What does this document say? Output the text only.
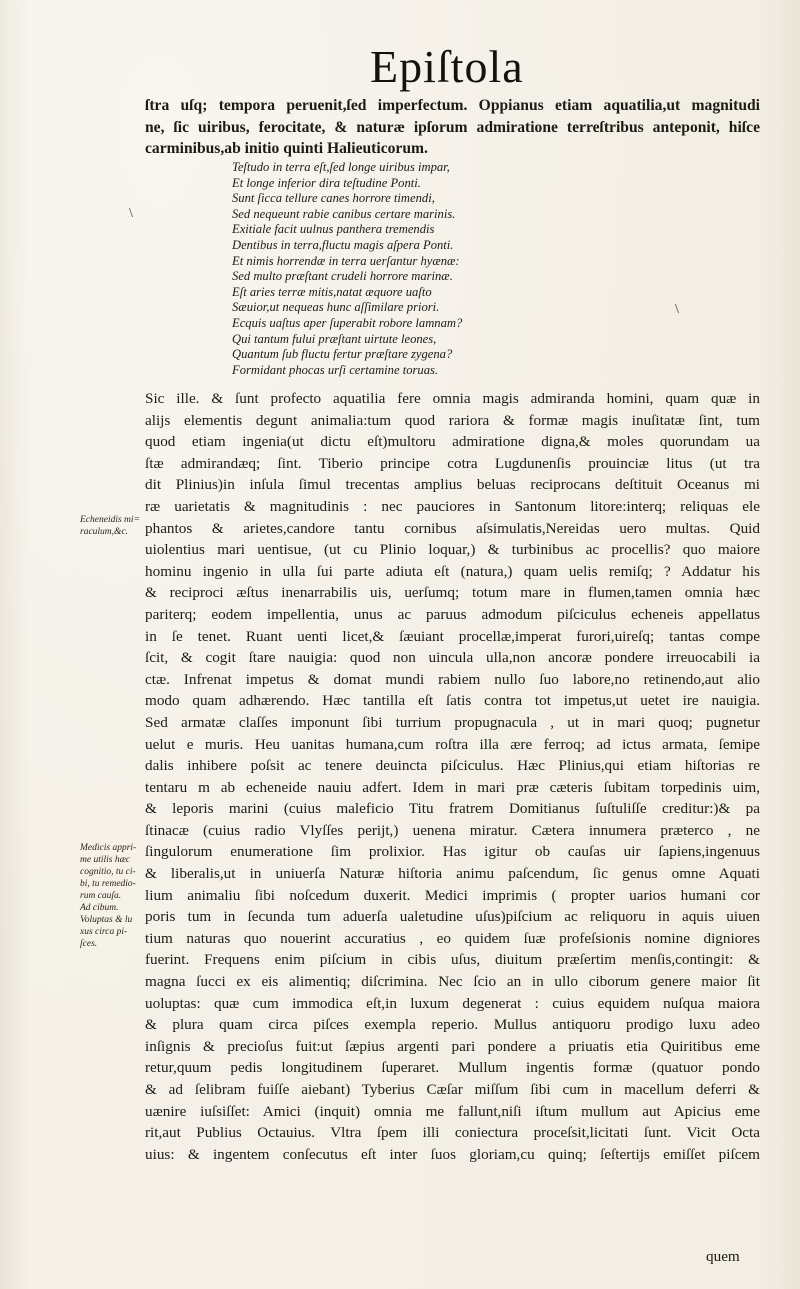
Epiſtola
ſtra uſq; tempora peruenit,ſed imperfectum. Oppianus etiam aquatilia,ut magnitudi
ne, ſic uiribus, ferocitate, & naturæ ipſorum admiratione terreſtribus anteponit, hiſce
carminibus,ab initio quinti Halieuticorum.
Teſtudo in terra eſt,ſed longe uiribus impar,
Et longe inferior dira teſtudine Ponti.
Sunt ſicca tellure canes horrore timendi,
Sed nequeunt rabie canibus certare marinis.
Exitiale facit uulnus panthera tremendis
Dentibus in terra,fluctu magis aſpera Ponti.
Et nimis horrendæ in terra uerſantur hyænæ:
Sed multo præſtant crudeli horrore marinæ.
Eſt aries terræ mitis,natat æquore uaſto
Sæuior,ut nequeas hunc aſſimilare priori.
Ecquis uaſtus aper ſuperabit robore lamnam?
Qui tantum fului præſtant uirtute leones,
Quantum ſub fluctu fertur præſtare zygena?
Formidant phocas urſi certamine toruas.
\
\
Sic ille. & ſunt profecto aquatilia fere omnia magis admiranda homini, quam quæ in
alijs elementis degunt animalia:tum quod rariora & formæ magis inuſitatæ ſint, tum
quod etiam ingenia(ut dictu eſt)multoru admiratione digna,& moles quorundam ua
ſtæ admirandæq; ſint. Tiberio principe cotra Lugdunenſis prouinciæ litus (ut tra
dit Plinius)in inſula ſimul trecentas amplius beluas reciprocans deſtituit Oceanus mi
ræ uarietatis & magnitudinis : nec pauciores in Santonum litore:interq; reliquas ele
phantos & arietes,candore tantu cornibus aſsimulatis,Nereidas uero multas. Quid
uiolentius mari uentisue, (ut cu Plinio loquar,) & turbinibus ac procellis? quo maiore
hominu ingenio in ulla ſui parte adiuta eſt (natura,) quam uelis remiſq; ? Addatur his
& reciproci æſtus inenarrabilis uis, uerſumq; totum mare in flumen,tamen omnia hæc
pariterq; eodem impellentia, unus ac paruus admodum piſciculus echeneis appellatus
in ſe tenet. Ruant uenti licet,& ſæuiant procellæ,imperat furori,uireſq; tantas compe
ſcit, & cogit ſtare nauigia: quod non uincula ulla,non ancoræ pondere irreuocabili ia
ctæ. Infrenat impetus & domat mundi rabiem nullo ſuo labore,no retinendo,aut alio
modo quam adhærendo. Hæc tantilla eſt ſatis contra tot impetus,ut uetet ire nauigia.
Sed armatæ claſſes imponunt ſibi turrium propugnacula , ut in mari quoq; pugnetur
uelut e muris. Heu uanitas humana,cum roſtra illa ære ferroq; ad ictus armata, ſemipe
dalis inhibere poſsit ac tenere deuincta piſciculus. Hæc Plinius,qui etiam hiſtorias re
tentaru m ab echeneide nauiu adfert. Idem in mari præ cæteris ſubitam torpedinis uim,
& leporis marini (cuius maleficio Titu fratrem Domitianus ſuſtuliſſe creditur:)& pa
ſtinacæ (cuius radio Vlyſſes perijt,) uenena miratur. Cætera innumera præterco , ne
ſingulorum enumeratione ſim prolixior. Has igitur ob cauſas uir ſapiens,ingenuus
& liberalis,ut in uniuerſa Naturæ hiſtoria animu paſcendum, ſic genus omne Aquati
lium animaliu ſibi noſcedum duxerit. Medici imprimis ( propter uarios humani cor
poris tum in ſecunda tum aduerſa ualetudine uſus)piſcium ac reliquoru in aquis uiuen
tium naturas quo nouerint accuratius , eo quidem ſuæ profeſsionis nomine digniores
fuerint. Frequens enim piſcium in cibis uſus, diuitum præſertim menſis,contingit: &
magna ſucci ex eis alimentiq; diſcrimina. Nec ſcio an in ullo ciborum genere maior ſit
uoluptas: quæ cum immodica eſt,in luxum degenerat : cuius equidem nuſqua maiora
& plura quam circa piſces exempla reperio. Mullus antiquoru prodigo luxu adeo
inſignis & precioſus fuit:ut ſæpius argenti pari pondere a priuatis etia Quiritibus eme
retur,quum pedis longitudinem ſuperaret. Mullum ingentis formæ (quatuor pondo
& ad ſelibram fuiſſe aiebant) Tyberius Cæſar miſſum ſibi cum in macellum deferri &
uænire iuſsiſſet: Amici (inquit) omnia me fallunt,niſi iſtum mullum aut Apicius eme
rit,aut Publius Octauius. Vltra ſpem illi coniectura proceſsit,licitati ſunt. Vicit Octa
uius: & ingentem conſecutus eſt inter ſuos gloriam,cu quinq; ſeſtertijs emiſſet piſcem
quem
Echeneidis mi=
raculum,&c.
Medicis appri-
me utilis hæc
cognitio, tu ci-
bi, tu remedio-
rum cauſa.
Ad cibum.
Voluptas & lu
xus circa pi-
ſces.
